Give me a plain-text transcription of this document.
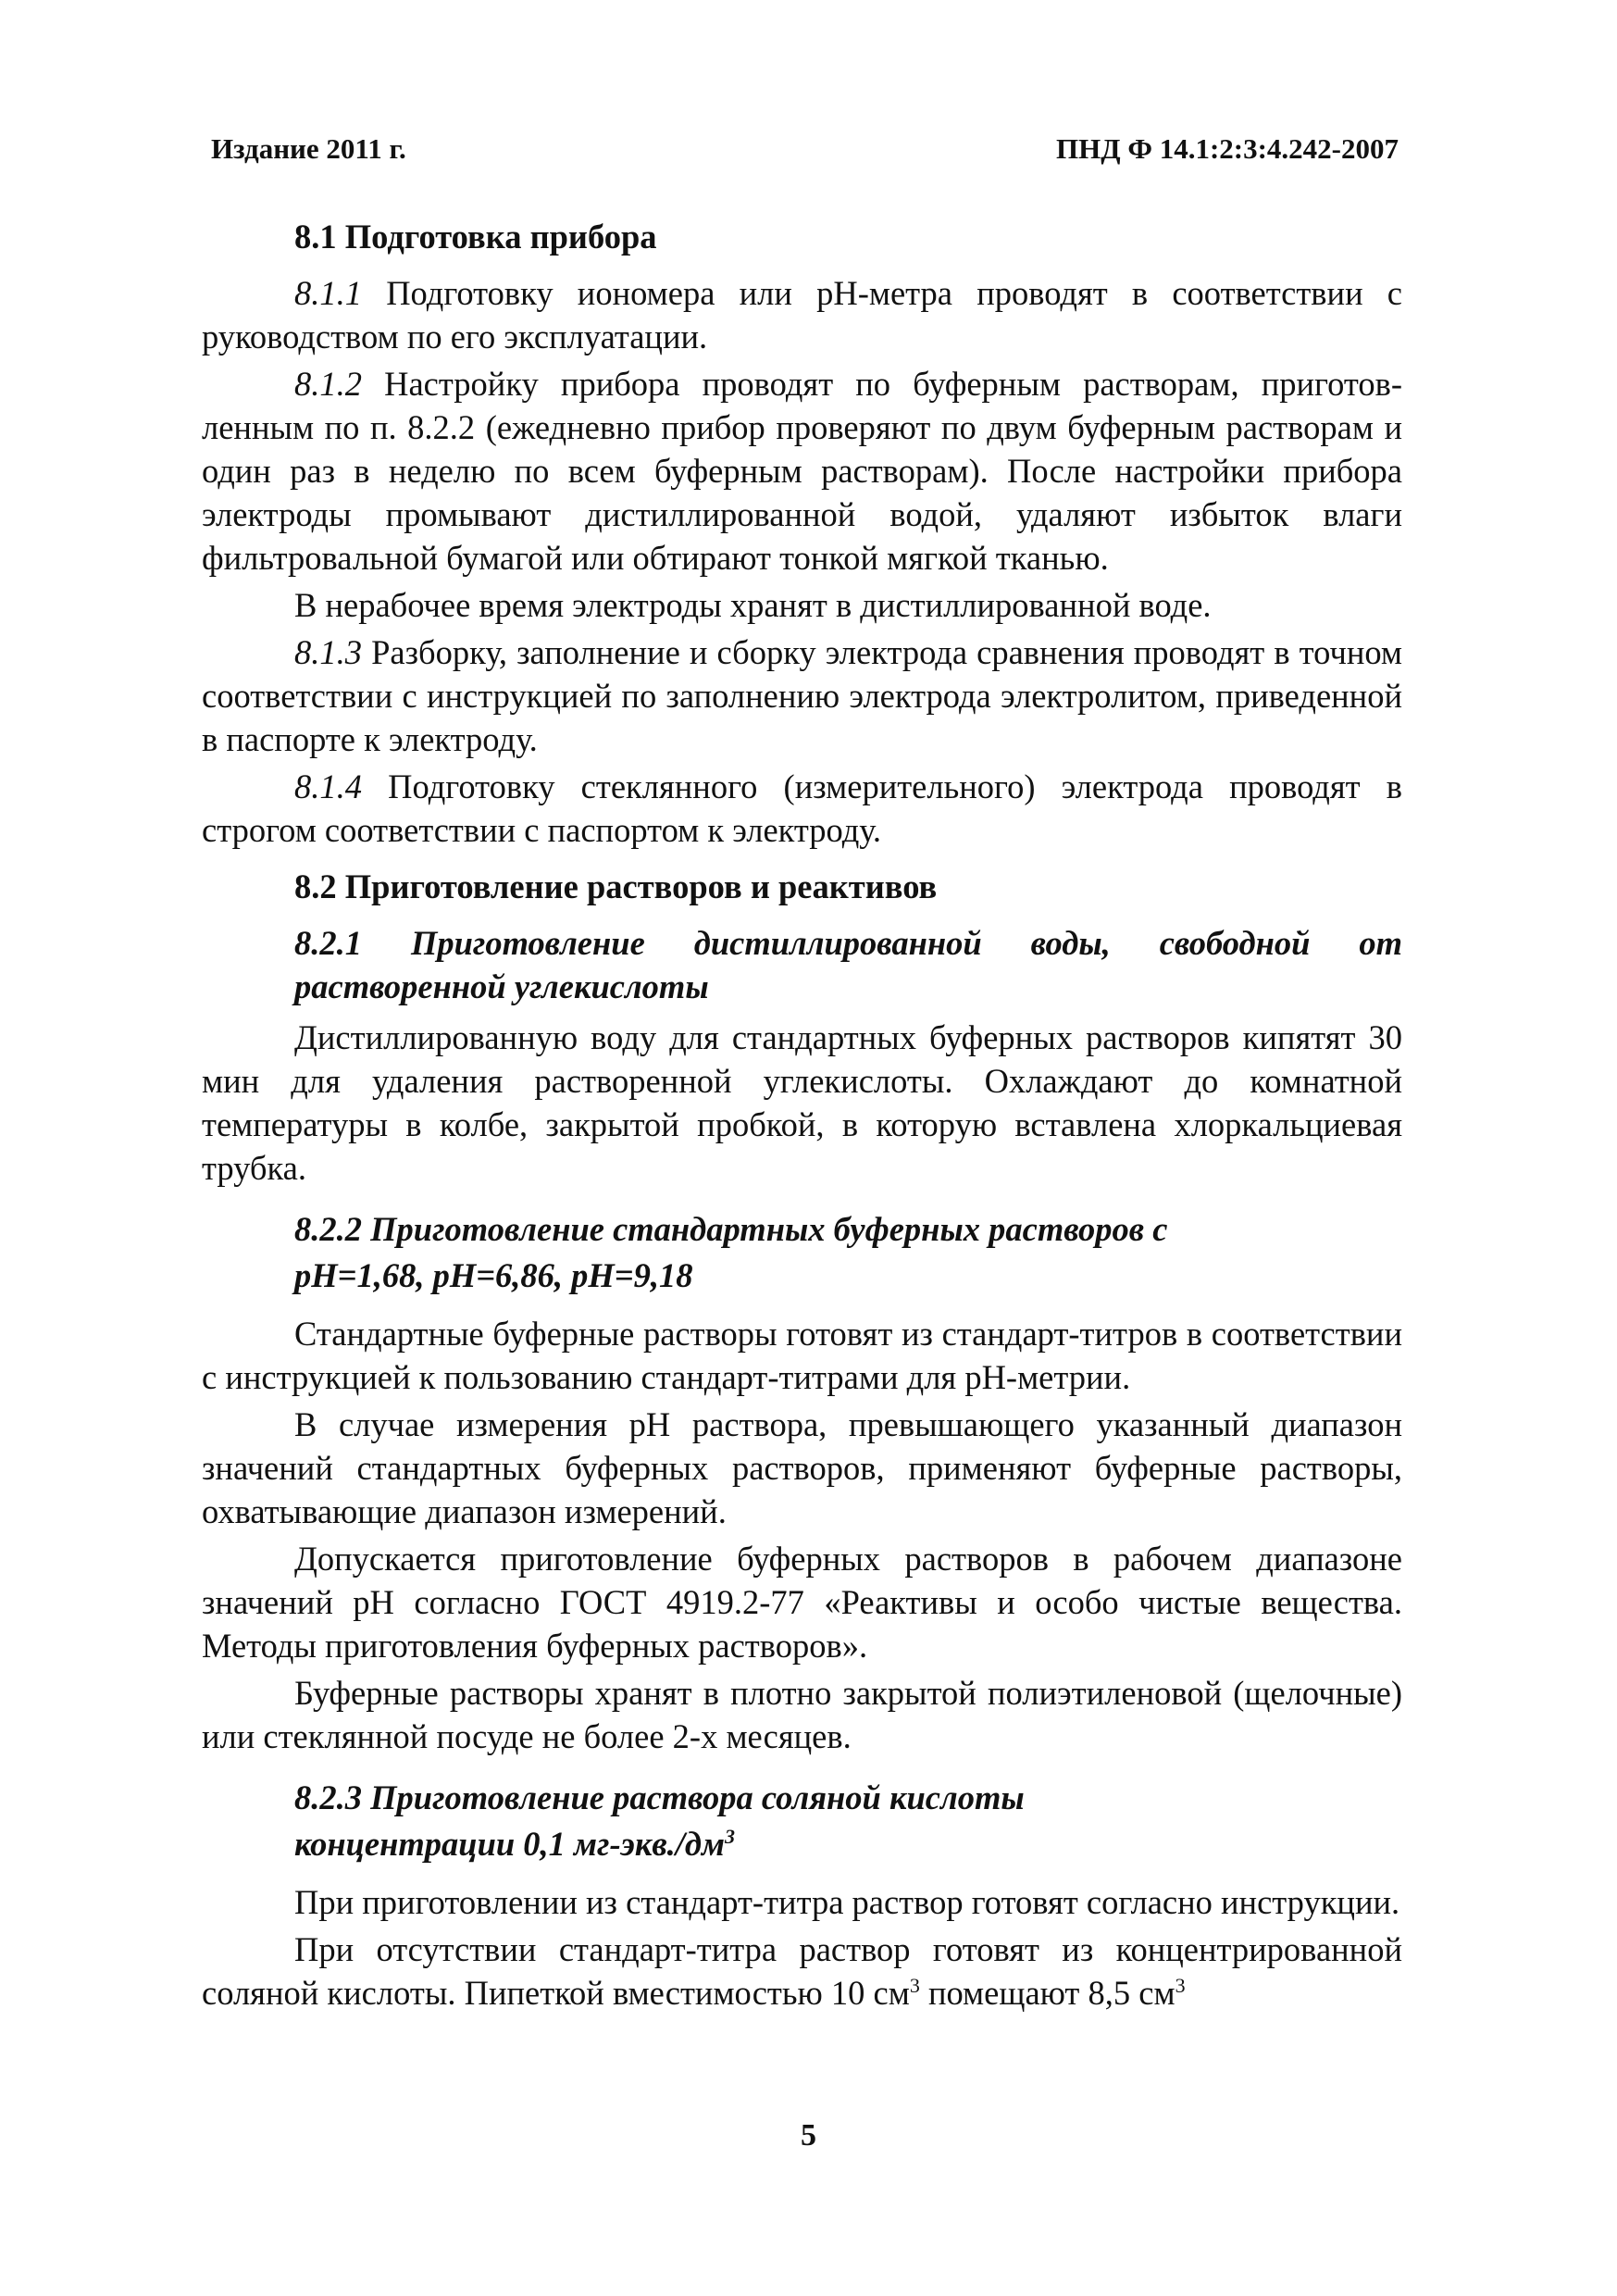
Издание 2011 г.	ПНД Ф 14.1:2:3:4.242-2007
8.1 Подготовка прибора

8.1.1 Подготовку иономера или рН-метра проводят в соответствии с руководством по его эксплуатации.

8.1.2 Настройку прибора проводят по буферным растворам, приготовленным по п. 8.2.2 (ежедневно прибор проверяют по двум буферным растворам и один раз в неделю по всем буферным растворам). После настройки прибора электроды промывают дистиллированной водой, удаляют избыток влаги фильтровальной бумагой или обтирают тонкой мягкой тканью.

В нерабочее время электроды хранят в дистиллированной воде.

8.1.3 Разборку, заполнение и сборку электрода сравнения проводят в точном соответствии с инструкцией по заполнению электрода электролитом, приведенной в паспорте к электроду.

8.1.4 Подготовку стеклянного (измерительного) электрода проводят в строгом соответствии с паспортом к электроду.

8.2 Приготовление растворов и реактивов
8.2.1 Приготовление дистиллированной воды, свободной от растворенной углекислоты

Дистиллированную воду для стандартных буферных растворов кипятят 30 мин для удаления растворенной углекислоты. Охлаждают до комнатной температуры в колбе, закрытой пробкой, в которую вставлена хлоркальциевая трубка.

8.2.2 Приготовление стандартных буферных растворов с
pH=1,68, pH=6,86, pH=9,18

Стандартные буферные растворы готовят из стандарт-титров в соответствии с инструкцией к пользованию стандарт-титрами для рН-метрии.

В случае измерения рН раствора, превышающего указанный диапазон значений стандартных буферных растворов, применяют буферные растворы, охватывающие диапазон измерений.

Допускается приготовление буферных растворов в рабочем диапазоне значений рН согласно ГОСТ 4919.2-77 «Реактивы и особо чистые вещества. Методы приготовления буферных растворов».

Буферные растворы хранят в плотно закрытой полиэтиленовой (щелочные) или стеклянной посуде не более 2-х месяцев.

8.2.3 Приготовление раствора соляной кислоты
концентрации 0,1 $мг-экв./дм^3$

При приготовлении из стандарт-титра раствор готовят согласно инструкции.

При отсутствии стандарт-титра раствор готовят из концентрированной соляной кислоты. Пипеткой вместимостью 10 $см^3$ помещают 8,5 $см^3$

5
